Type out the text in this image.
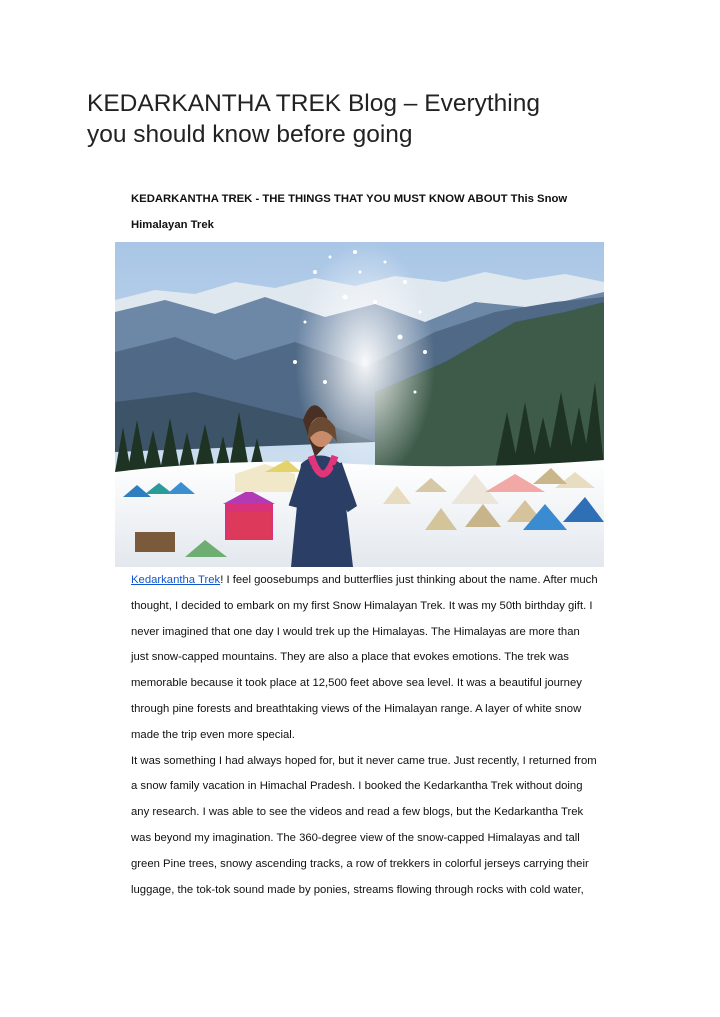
KEDARKANTHA TREK Blog – Everything
you should know before going
KEDARKANTHA TREK - THE THINGS THAT YOU MUST KNOW ABOUT This Snow
Himalayan Trek

Kedarkantha Trek! I feel goosebumps and butterflies just thinking about the name. After much
thought, I decided to embark on my first Snow Himalayan Trek. It was my 50th birthday gift. I
never imagined that one day I would trek up the Himalayas. The Himalayas are more than
just snow-capped mountains. They are also a place that evokes emotions. The trek was
memorable because it took place at 12,500 feet above sea level. It was a beautiful journey
through pine forests and breathtaking views of the Himalayan range. A layer of white snow
made the trip even more special.

It was something I had always hoped for, but it never came true. Just recently, I returned from
a snow family vacation in Himachal Pradesh. I booked the Kedarkantha Trek without doing
any research. I was able to see the videos and read a few blogs, but the Kedarkantha Trek
was beyond my imagination. The 360-degree view of the snow-capped Himalayas and tall
green Pine trees, snowy ascending tracks, a row of trekkers in colorful jerseys carrying their
luggage, the tok-tok sound made by ponies, streams flowing through rocks with cold water,
